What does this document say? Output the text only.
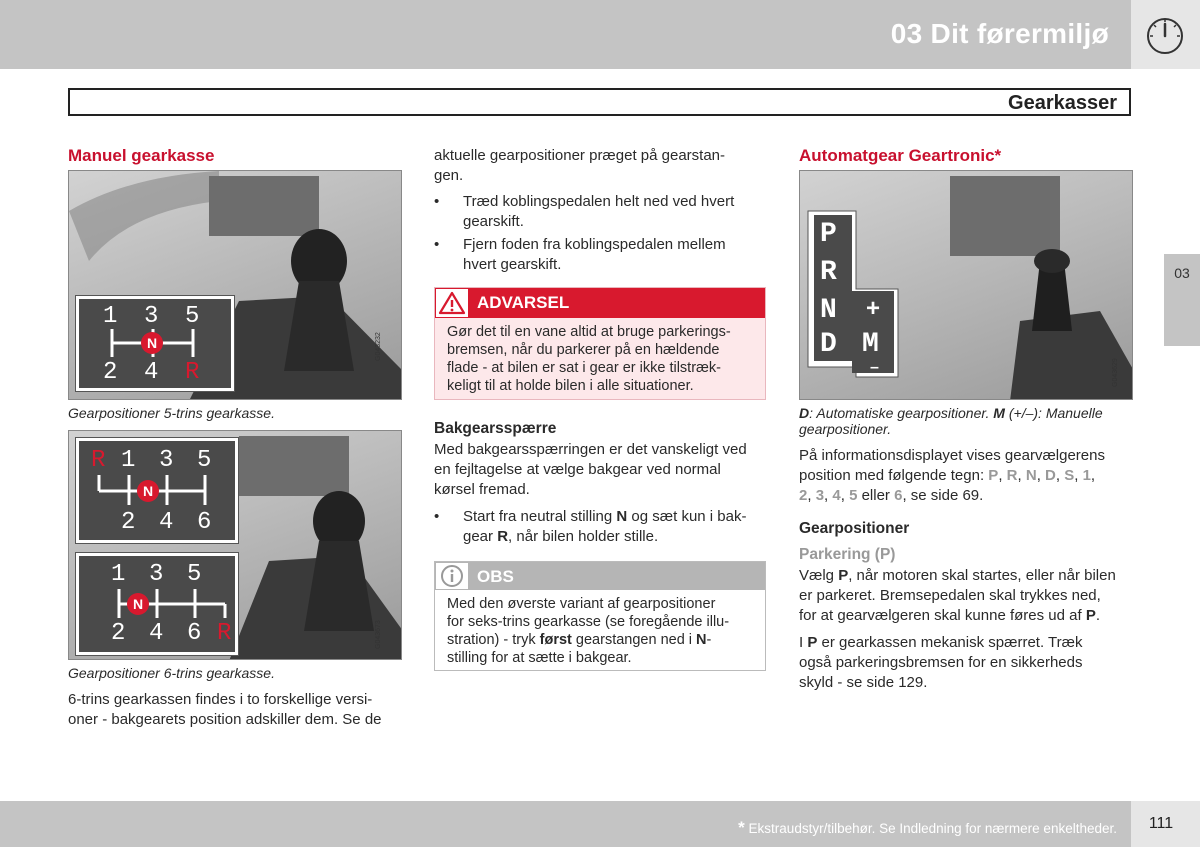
03 Dit førermiljø
Gearkasser
03
Manuel gearkasse
1 3 5
2 4 R
N	G043232
Gearpositioner 5-trins gearkasse.
R 1 3 5
2 4 6
N
1 3 5
2 4 6 R
N
G043673
Gearpositioner 6-trins gearkasse.
6-trins gearkassen findes i to forskellige versi-
oner - bakgearets position adskiller dem. Se de
aktuelle gearpositioner præget på gearstan-
gen.
• Træd koblingspedalen helt ned ved hvert
gearskift.
• Fjern foden fra koblingspedalen mellem
hvert gearskift.
ADVARSEL
Gør det til en vane altid at bruge parkerings-
bremsen, når du parkerer på en hældende
flade - at bilen er sat i gear er ikke tilstræk-
keligt til at holde bilen i alle situationer.
Bakgearsspærre
Med bakgearsspærringen er det vanskeligt ved
en fejltagelse at vælge bakgear ved normal
kørsel fremad.
• Start fra neutral stilling N og sæt kun i bak-
gear R, når bilen holder stille.
OBS
Med den øverste variant af gearpositioner
for seks-trins gearkasse (se foregående illu-
stration) - tryk først gearstangen ned i N-
stilling for at sætte i bakgear.
Automatgear Geartronic*
P
R
N
D
+
M
–	G043629
D: Automatiske gearpositioner. M (+/–): Manuelle
gearpositioner.
På informationsdisplayet vises gearvælgerens
position med følgende tegn: P, R, N, D, S, 1,
2, 3, 4, 5 eller 6, se side 69.
Gearpositioner
Parkering (P)
Vælg P, når motoren skal startes, eller når bilen
er parkeret. Bremsepedalen skal trykkes ned,
for at gearvælgeren skal kunne føres ud af P.
I P er gearkassen mekanisk spærret. Træk
også parkeringsbremsen for en sikkerheds
skyld - se side 129.
* Ekstraudstyr/tilbehør. Se Indledning for nærmere enkeltheder.	111
